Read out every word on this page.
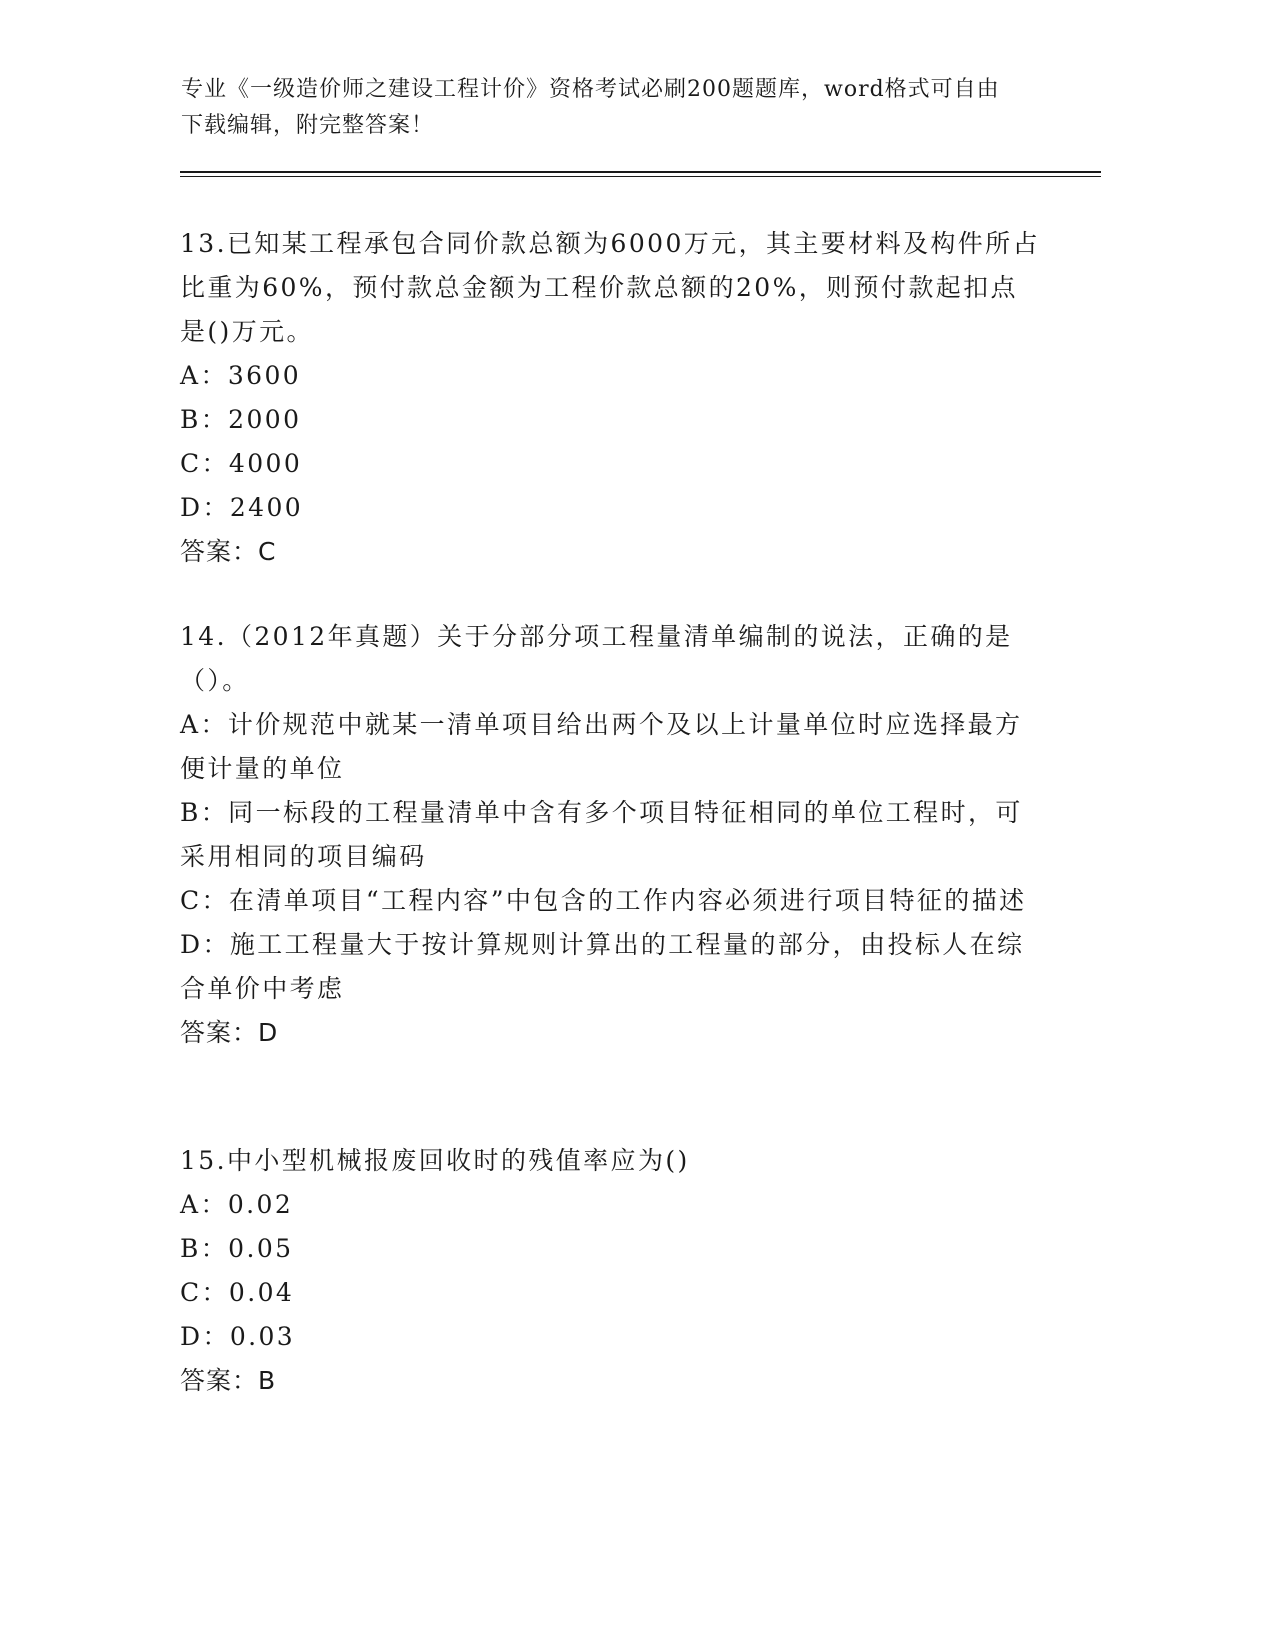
专业《一级造价师之建设工程计价》资格考试必刷200题题库，word格式可自由
下载编辑，附完整答案！

13.已知某工程承包合同价款总额为6000万元，其主要材料及构件所占比重为60%，预付款总金额为工程价款总额的20%，则预付款起扣点是()万元。

A：3600

B：2000

C：4000

D：2400

答案：C

14.（2012年真题）关于分部分项工程量清单编制的说法，正确的是（）。

A：计价规范中就某一清单项目给出两个及以上计量单位时应选择最方便计量的单位

B：同一标段的工程量清单中含有多个项目特征相同的单位工程时，可采用相同的项目编码

C：在清单项目“工程内容”中包含的工作内容必须进行项目特征的描述

D：施工工程量大于按计算规则计算出的工程量的部分，由投标人在综合单价中考虑

答案：D

15.中小型机械报废回收时的残值率应为()

A：0.02

B：0.05

C：0.04

D：0.03

答案：B
